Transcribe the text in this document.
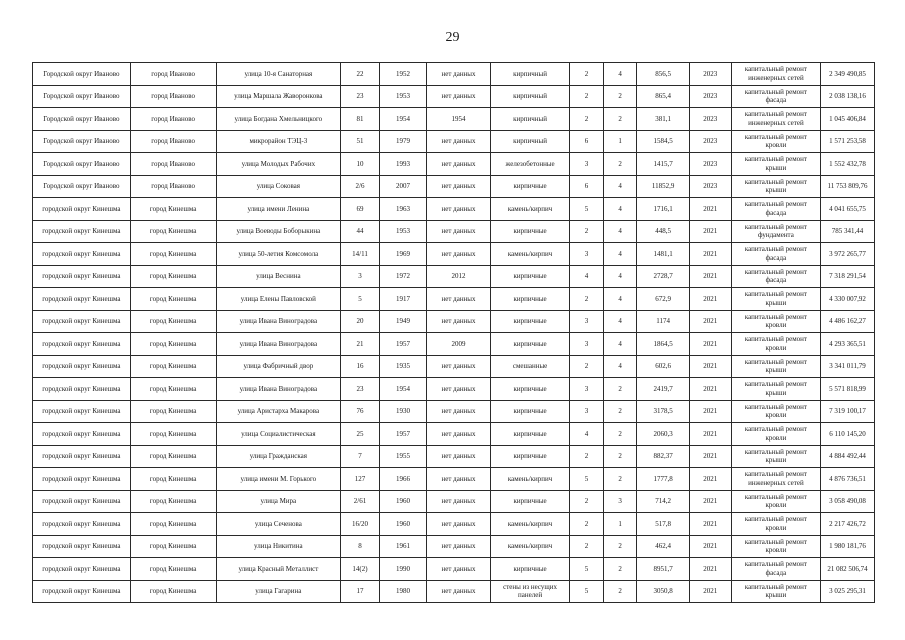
29
Городской округ Иваново	город Иваново	улица 10-я Санаторная	22	1952	нет данных	кирпичный	2	4	856,5	2023	капитальный ремонт инженерных сетей	2 349 490,85
Городской округ Иваново	город Иваново	улица Маршала Жаворонкова	23	1953	нет данных	кирпичный	2	2	865,4	2023	капитальный ремонт фасада	2 038 138,16
Городской округ Иваново	город Иваново	улица Богдана Хмельницкого	81	1954	1954	кирпичный	2	2	381,1	2023	капитальный ремонт инженерных сетей	1 045 406,84
Городской округ Иваново	город Иваново	микрорайон ТЭЦ-3	51	1979	нет данных	кирпичный	6	1	1584,5	2023	капитальный ремонт кровли	1 571 253,58
Городской округ Иваново	город Иваново	улица Молодых Рабочих	10	1993	нет данных	железобетонные	3	2	1415,7	2023	капитальный ремонт крыши	1 552 432,78
Городской округ Иваново	город Иваново	улица Соковая	2/6	2007	нет данных	кирпичные	6	4	11852,9	2023	капитальный ремонт крыши	11 753 809,76
городской округ Кинешма	город Кинешма	улица имени Ленина	69	1963	нет данных	камень/кирпич	5	4	1716,1	2021	капитальный ремонт фасада	4 041 655,75
городской округ Кинешма	город Кинешма	улица Воеводы Боборыкина	44	1953	нет данных	кирпичные	2	4	448,5	2021	капитальный ремонт фундамента	785 341,44
городской округ Кинешма	город Кинешма	улица 50-летия Комсомола	14/11	1969	нет данных	камень/кирпич	3	4	1481,1	2021	капитальный ремонт фасада	3 972 265,77
городской округ Кинешма	город Кинешма	улица Веснина	3	1972	2012	кирпичные	4	4	2728,7	2021	капитальный ремонт фасада	7 318 291,54
городской округ Кинешма	город Кинешма	улица Елены Павловской	5	1917	нет данных	кирпичные	2	4	672,9	2021	капитальный ремонт крыши	4 330 007,92
городской округ Кинешма	город Кинешма	улица Ивана Виноградова	20	1949	нет данных	кирпичные	3	4	1174	2021	капитальный ремонт кровли	4 486 162,27
городской округ Кинешма	город Кинешма	улица Ивана Виноградова	21	1957	2009	кирпичные	3	4	1864,5	2021	капитальный ремонт кровли	4 293 365,51
городской округ Кинешма	город Кинешма	улица Фабричный двор	16	1935	нет данных	смешанные	2	4	602,6	2021	капитальный ремонт крыши	3 341 011,79
городской округ Кинешма	город Кинешма	улица Ивана Виноградова	23	1954	нет данных	кирпичные	3	2	2419,7	2021	капитальный ремонт крыши	5 571 818,99
городской округ Кинешма	город Кинешма	улица Аристарха Макарова	76	1930	нет данных	кирпичные	3	2	3178,5	2021	капитальный ремонт кровли	7 319 100,17
городской округ Кинешма	город Кинешма	улица Социалистическая	25	1957	нет данных	кирпичные	4	2	2060,3	2021	капитальный ремонт кровли	6 110 145,20
городской округ Кинешма	город Кинешма	улица Гражданская	7	1955	нет данных	кирпичные	2	2	882,37	2021	капитальный ремонт крыши	4 884 492,44
городской округ Кинешма	город Кинешма	улица имени М. Горького	127	1966	нет данных	камень/кирпич	5	2	1777,8	2021	капитальный ремонт инженерных сетей	4 876 736,51
городской округ Кинешма	город Кинешма	улица Мира	2/61	1960	нет данных	кирпичные	2	3	714,2	2021	капитальный ремонт кровли	3 058 490,08
городской округ Кинешма	город Кинешма	улица Сеченова	16/20	1960	нет данных	камень/кирпич	2	1	517,8	2021	капитальный ремонт кровли	2 217 426,72
городской округ Кинешма	город Кинешма	улица Никитина	8	1961	нет данных	камень/кирпич	2	2	462,4	2021	капитальный ремонт кровли	1 980 181,76
городской округ Кинешма	город Кинешма	улица Красный Металлист	14(2)	1990	нет данных	кирпичные	5	2	8951,7	2021	капитальный ремонт фасада	21 082 506,74
городской округ Кинешма	город Кинешма	улица Гагарина	17	1980	нет данных	стены из несущих панелей	5	2	3050,8	2021	капитальный ремонт крыши	3 025 295,31
